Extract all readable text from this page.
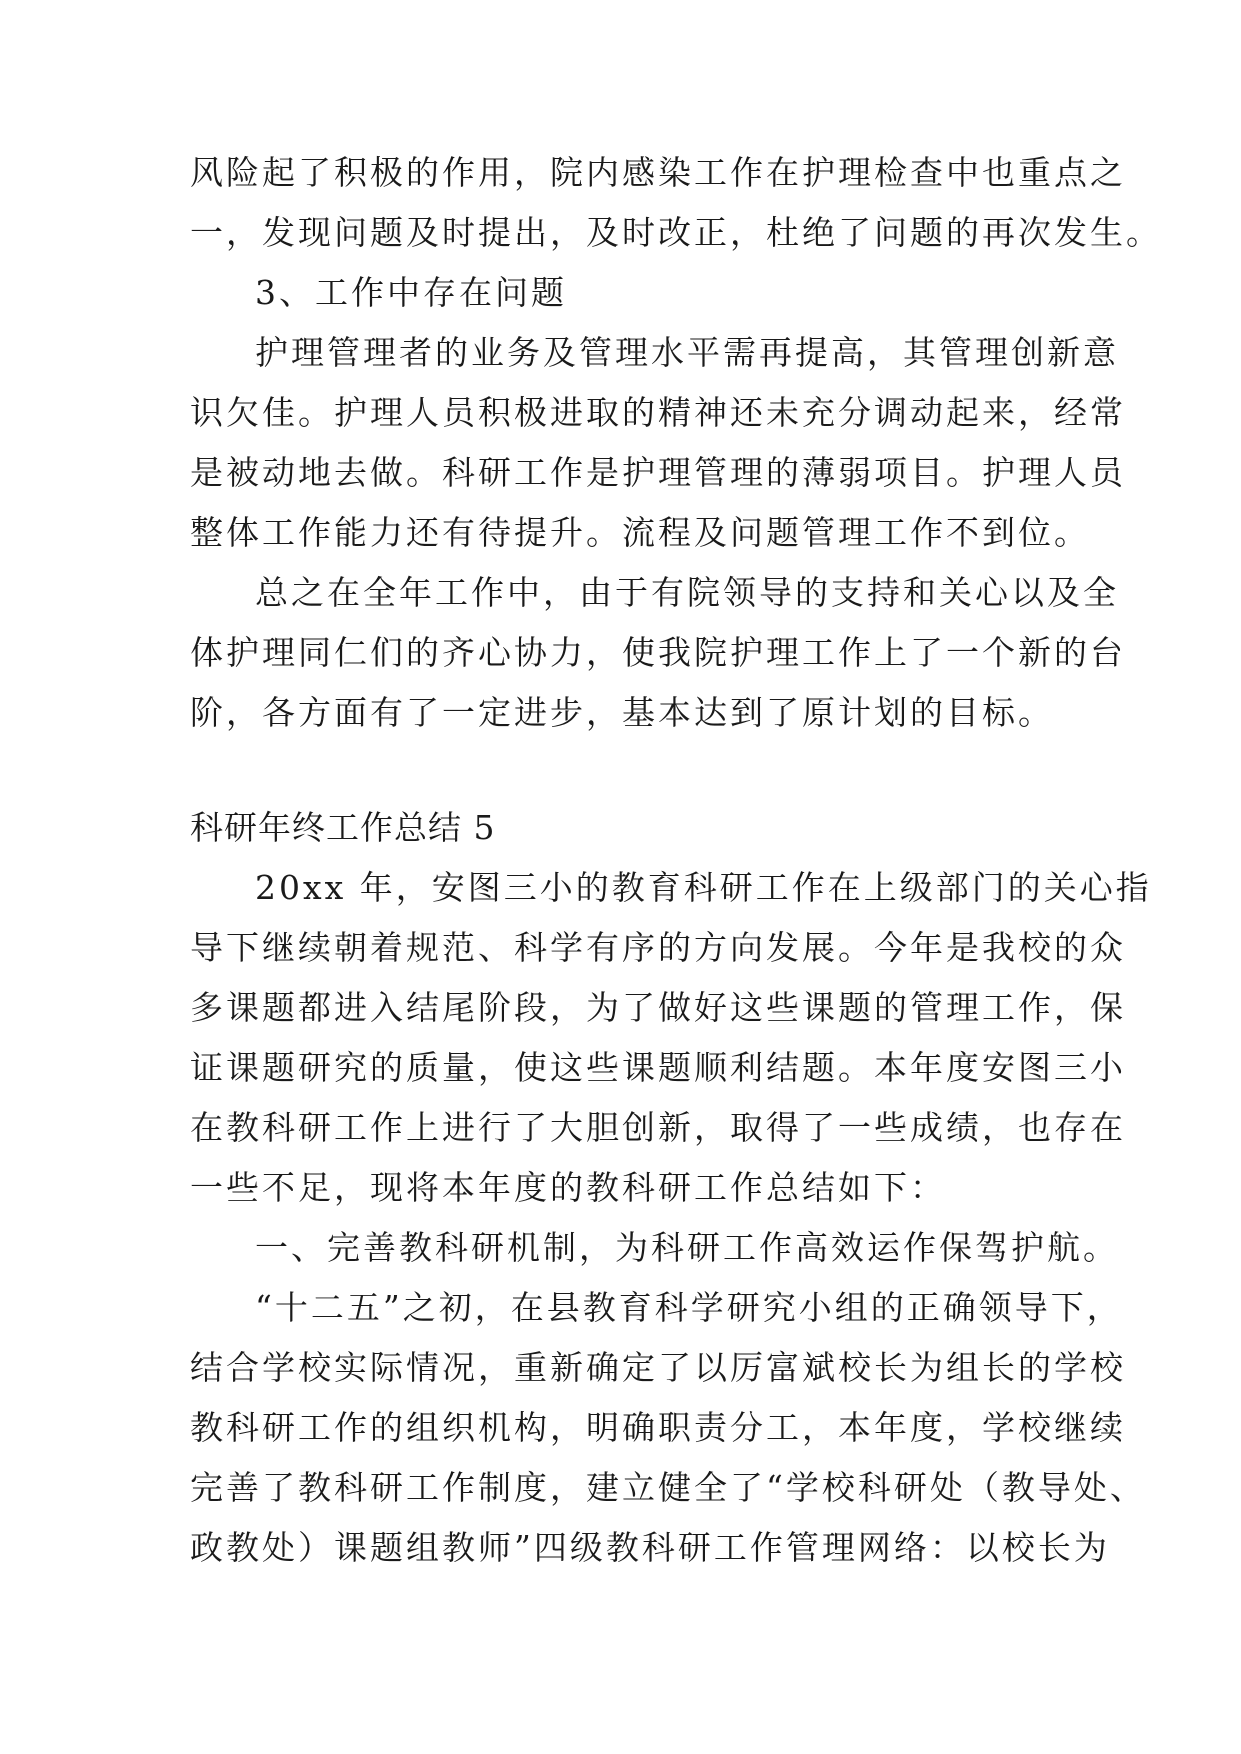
风险起了积极的作用，院内感染工作在护理检查中也重点之
一，发现问题及时提出，及时改正，杜绝了问题的再次发生。
3、工作中存在问题
护理管理者的业务及管理水平需再提高，其管理创新意
识欠佳。护理人员积极进取的精神还未充分调动起来，经常
是被动地去做。科研工作是护理管理的薄弱项目。护理人员
整体工作能力还有待提升。流程及问题管理工作不到位。
总之在全年工作中，由于有院领导的支持和关心以及全
体护理同仁们的齐心协力，使我院护理工作上了一个新的台
阶，各方面有了一定进步，基本达到了原计划的目标。
科研年终工作总结 5
20xx 年，安图三小的教育科研工作在上级部门的关心指
导下继续朝着规范、科学有序的方向发展。今年是我校的众
多课题都进入结尾阶段，为了做好这些课题的管理工作，保
证课题研究的质量，使这些课题顺利结题。本年度安图三小
在教科研工作上进行了大胆创新，取得了一些成绩，也存在
一些不足，现将本年度的教科研工作总结如下：
一、完善教科研机制，为科研工作高效运作保驾护航。
“十二五”之初，在县教育科学研究小组的正确领导下，
结合学校实际情况，重新确定了以厉富斌校长为组长的学校
教科研工作的组织机构，明确职责分工，本年度，学校继续
完善了教科研工作制度，建立健全了“学校科研处（教导处、
政教处）课题组教师”四级教科研工作管理网络：以校长为
